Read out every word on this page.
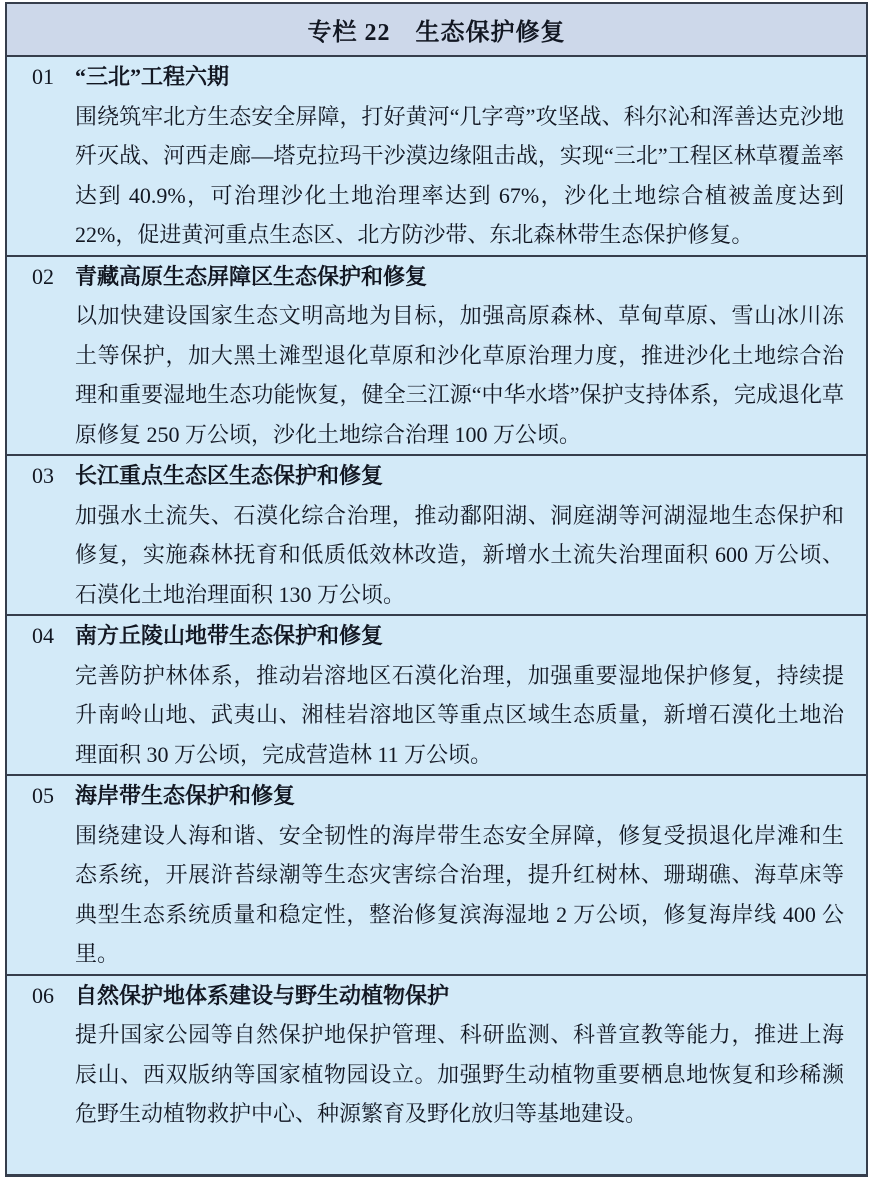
专栏 22　生态保护修复
01 “三北”工程六期

围绕筑牢北方生态安全屏障，打好黄河“几字弯”攻坚战、科尔沁和浑善达克沙地歼灭战、河西走廊—塔克拉玛干沙漠边缘阻击战，实现“三北”工程区林草覆盖率达到 40.9%，可治理沙化土地治理率达到 67%，沙化土地综合植被盖度达到 22%，促进黄河重点生态区、北方防沙带、东北森林带生态保护修复。

02 青藏高原生态屏障区生态保护和修复

以加快建设国家生态文明高地为目标，加强高原森林、草甸草原、雪山冰川冻土等保护，加大黑土滩型退化草原和沙化草原治理力度，推进沙化土地综合治理和重要湿地生态功能恢复，健全三江源“中华水塔”保护支持体系，完成退化草原修复 250 万公顷，沙化土地综合治理 100 万公顷。

03 长江重点生态区生态保护和修复

加强水土流失、石漠化综合治理，推动鄱阳湖、洞庭湖等河湖湿地生态保护和修复，实施森林抚育和低质低效林改造，新增水土流失治理面积 600 万公顷、石漠化土地治理面积 130 万公顷。

04 南方丘陵山地带生态保护和修复

完善防护林体系，推动岩溶地区石漠化治理，加强重要湿地保护修复，持续提升南岭山地、武夷山、湘桂岩溶地区等重点区域生态质量，新增石漠化土地治理面积 30 万公顷，完成营造林 11 万公顷。

05 海岸带生态保护和修复

围绕建设人海和谐、安全韧性的海岸带生态安全屏障，修复受损退化岸滩和生态系统，开展浒苔绿潮等生态灾害综合治理，提升红树林、珊瑚礁、海草床等典型生态系统质量和稳定性，整治修复滨海湿地 2 万公顷，修复海岸线 400 公里。

06 自然保护地体系建设与野生动植物保护

提升国家公园等自然保护地保护管理、科研监测、科普宣教等能力，推进上海辰山、西双版纳等国家植物园设立。加强野生动植物重要栖息地恢复和珍稀濒危野生动植物救护中心、种源繁育及野化放归等基地建设。
